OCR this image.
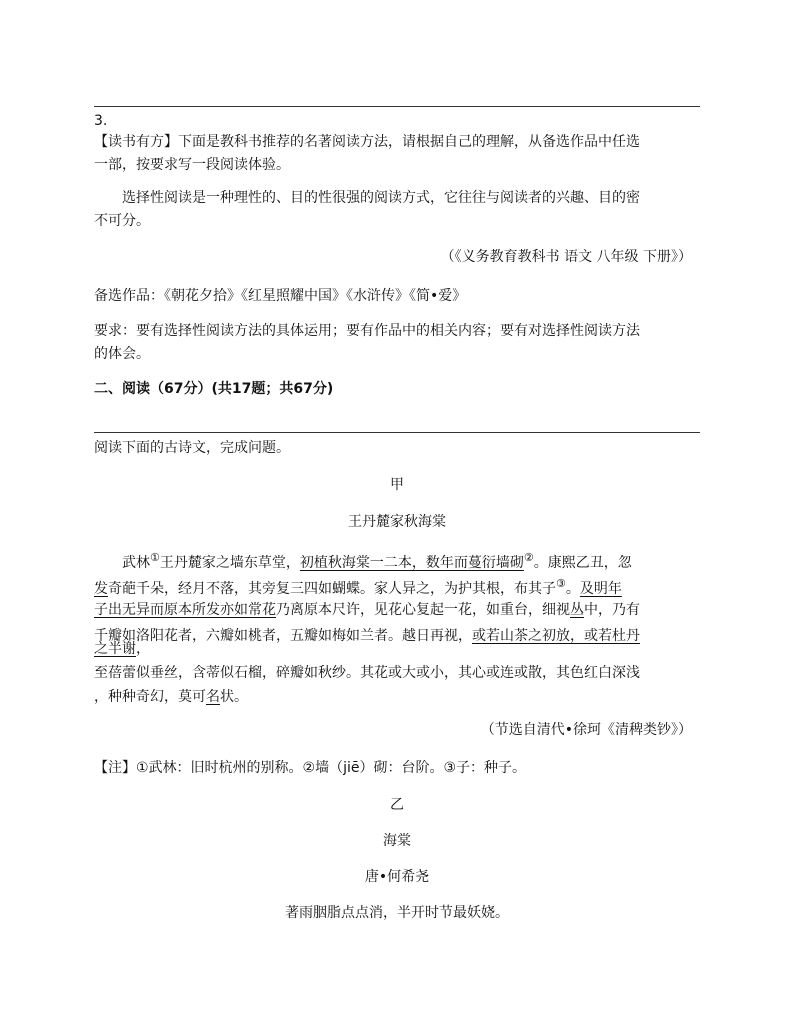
3.
【读书有方】下面是教科书推荐的名著阅读方法，请根据自己的理解，从备选作品中任选
一部，按要求写一段阅读体验。
选择性阅读是一种理性的、目的性很强的阅读方式，它往往与阅读者的兴趣、目的密
不可分。
（《义务教育教科书 语文 八年级 下册》）
备选作品：《朝花夕拾》《红星照耀中国》《水浒传》《简•爱》
要求：要有选择性阅读方法的具体运用；要有作品中的相关内容；要有对选择性阅读方法
的体会。
二、阅读（67分）(共17题；共67分)
阅读下面的古诗文，完成问题。
甲
王丹麓家秋海棠
武林①王丹麓家之墙东草堂，初植秋海棠一二本，数年而蔓衍墙砌②。康熙乙丑，忽
发奇葩千朵，经月不落，其旁复三四如蝴蝶。家人异之，为护其根，布其子③。及明年
子出无异而原本所发亦如常花乃离原本尺许，见花心复起一花，如重台，细视丛中，乃有
千瓣如洛阳花者，六瓣如桃者，五瓣如梅如兰者。越日再视，或若山茶之初放，或若杜丹
之半谢，
至蓓蕾似垂丝，含蒂似石榴，碎瓣如秋纱。其花或大或小，其心或连或散，其色红白深浅
，种种奇幻，莫可名状。
（节选自清代•徐珂《清稗类钞》）
【注】①武林：旧时杭州的别称。②墙（jiē）砌：台阶。③子：种子。
乙
海棠
唐•何希尧
著雨胭脂点点消，半开时节最妖娆。
